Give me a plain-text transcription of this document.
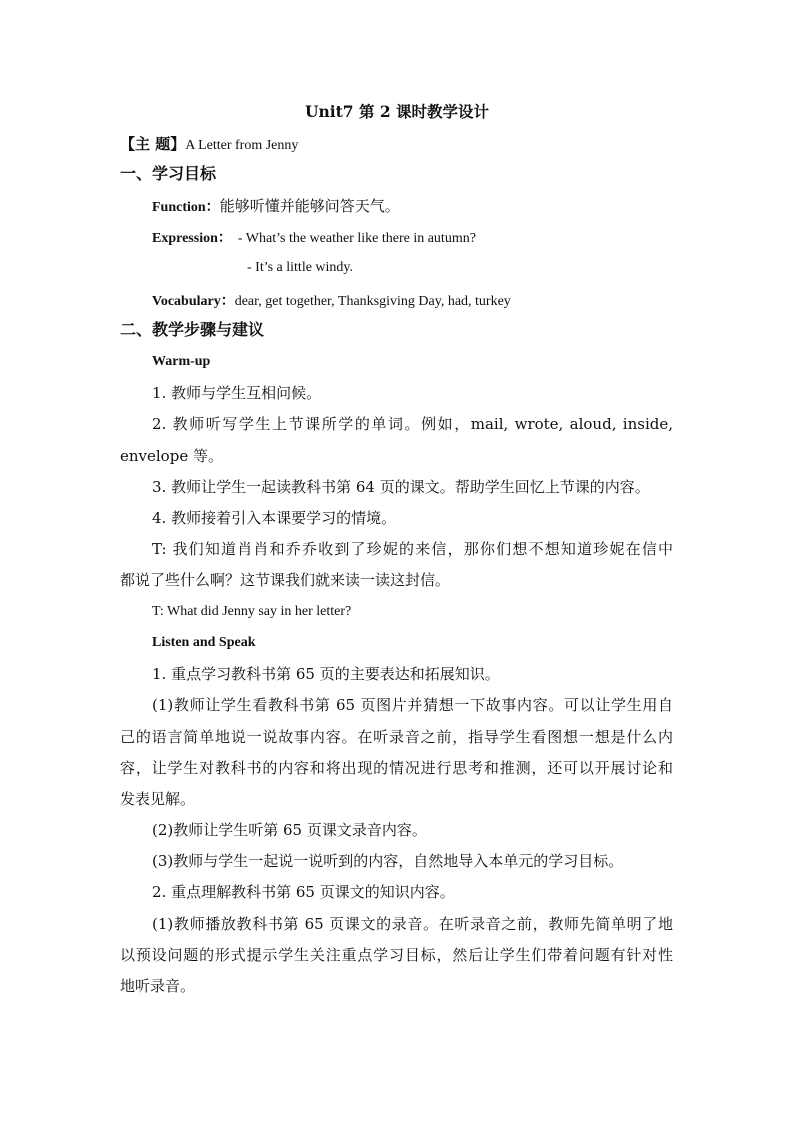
Unit7 第 2 课时教学设计
【主 题】A Letter from Jenny
一、学习目标
Function：能够听懂并能够问答天气。
Expression： - What’s the weather like there in autumn?
- It’s a little windy.
Vocabulary：dear, get together, Thanksgiving Day, had, turkey
二、教学步骤与建议
Warm-up
1. 教师与学生互相问候。
2. 教师听写学生上节课所学的单词。例如，mail, wrote, aloud, inside,
envelope 等。
3. 教师让学生一起读教科书第 64 页的课文。帮助学生回忆上节课的内容。
4. 教师接着引入本课要学习的情境。
T: 我们知道肖肖和乔乔收到了珍妮的来信，那你们想不想知道珍妮在信中
都说了些什么啊？这节课我们就来读一读这封信。
T: What did Jenny say in her letter?
Listen and Speak
1. 重点学习教科书第 65 页的主要表达和拓展知识。
(1)教师让学生看教科书第 65 页图片并猜想一下故事内容。可以让学生用自
己的语言简单地说一说故事内容。在听录音之前，指导学生看图想一想是什么内
容，让学生对教科书的内容和将出现的情况进行思考和推测，还可以开展讨论和
发表见解。
(2)教师让学生听第 65 页课文录音内容。
(3)教师与学生一起说一说听到的内容，自然地导入本单元的学习目标。
2. 重点理解教科书第 65 页课文的知识内容。
(1)教师播放教科书第 65 页课文的录音。在听录音之前，教师先简单明了地
以预设问题的形式提示学生关注重点学习目标，然后让学生们带着问题有针对性
地听录音。
